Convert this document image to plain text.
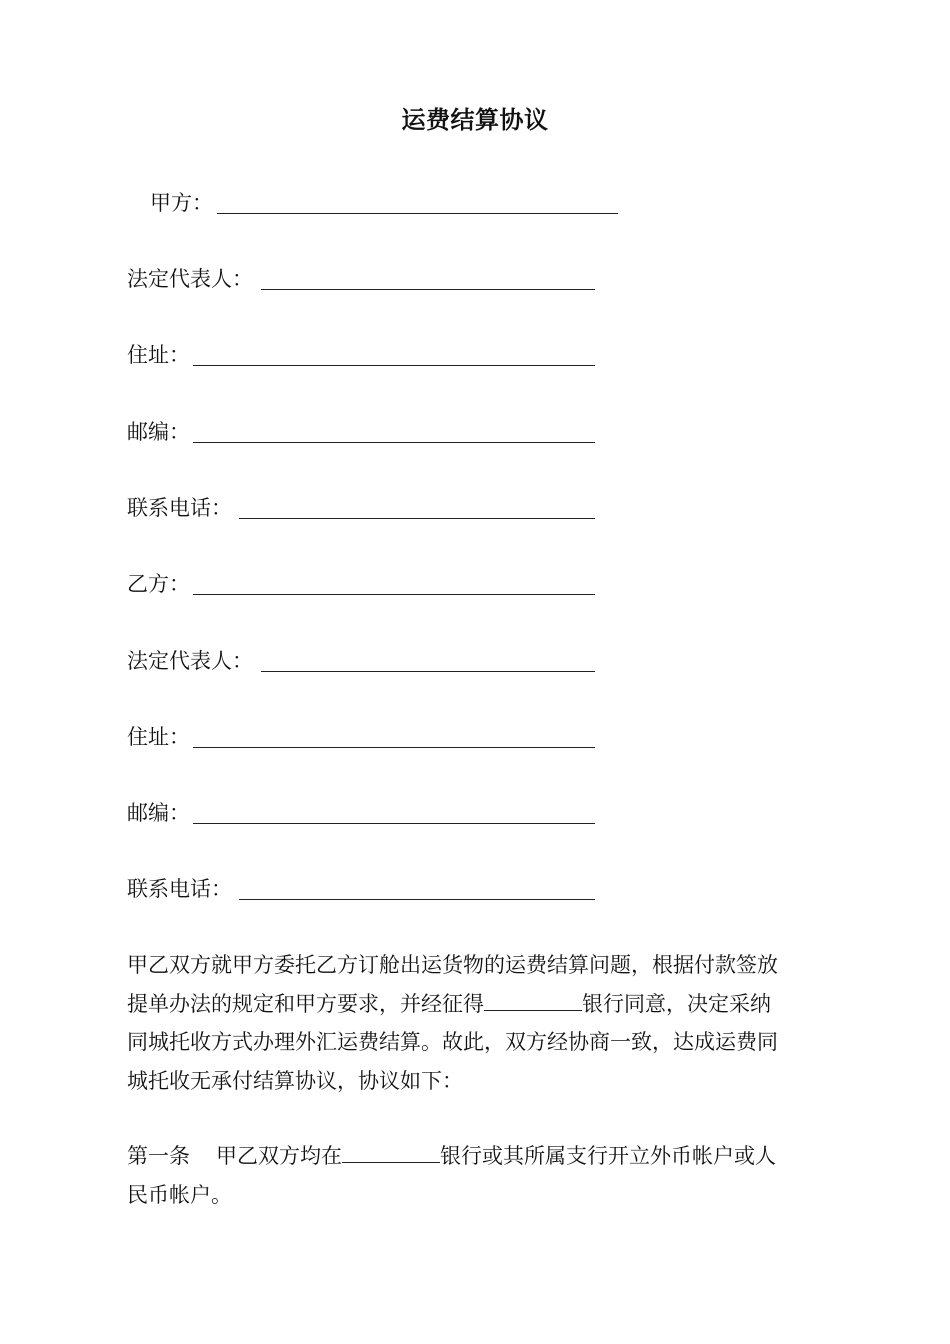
运费结算协议
甲方：
法定代表人：
住址：
邮编：
联系电话：
乙方：
法定代表人：
住址：
邮编：
联系电话：
甲乙双方就甲方委托乙方订舱出运货物的运费结算问题，根据付款签放
提单办法的规定和甲方要求，并经征得	银行同意，决定采纳
同城托收方式办理外汇运费结算。故此，双方经协商一致，达成运费同
城托收无承付结算协议，协议如下：
第一条 甲乙双方均在	银行或其所属支行开立外币帐户或人
民币帐户。
